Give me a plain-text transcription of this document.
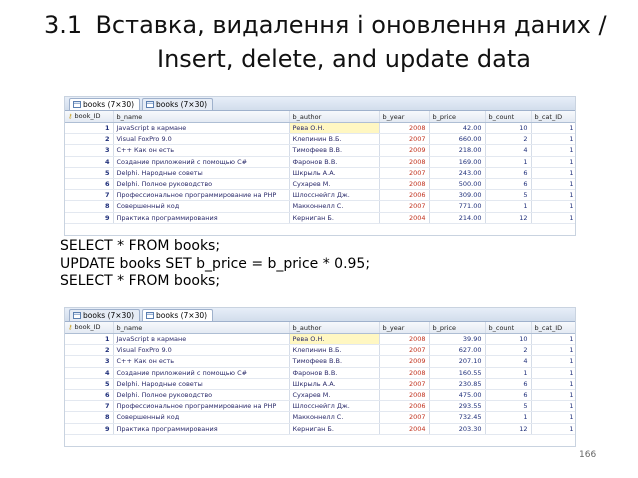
3.1 Вставка, видалення і оновлення даних /
Insert, delete, and update data
books (7×30)	books (7×30)
⚷ book_ID	b_name	b_author	b_year	b_price	b_count	b_cat_ID
1	JavaScript в кармане	Рева О.Н.	2008	42.00	10	1
2	Visual FoxPro 9.0	Клепинин В.Б.	2007	660.00	2	1
3	C++ Как он есть	Тимофеев В.В.	2009	218.00	4	1
4	Создание приложений с помощью C#	Фаронов В.В.	2008	169.00	1	1
5	Delphi. Народные советы	Шкрыль А.А.	2007	243.00	6	1
6	Delphi. Полное руководство	Сухарев М.	2008	500.00	6	1
7	Профессиональное программирование на PHP	Шлосснейгл Дж.	2006	309.00	5	1
8	Совершенный код	Макконнелл С.	2007	771.00	1	1
9	Практика программирования	Керниган Б.	2004	214.00	12	1
SELECT * FROM books;
UPDATE books SET b_price = b_price * 0.95;
SELECT * FROM books;
books (7×30)	books (7×30)
⚷ book_ID	b_name	b_author	b_year	b_price	b_count	b_cat_ID
1	JavaScript в кармане	Рева О.Н.	2008	39.90	10	1
2	Visual FoxPro 9.0	Клепинин В.Б.	2007	627.00	2	1
3	C++ Как он есть	Тимофеев В.В.	2009	207.10	4	1
4	Создание приложений с помощью C#	Фаронов В.В.	2008	160.55	1	1
5	Delphi. Народные советы	Шкрыль А.А.	2007	230.85	6	1
6	Delphi. Полное руководство	Сухарев М.	2008	475.00	6	1
7	Профессиональное программирование на PHP	Шлосснейгл Дж.	2006	293.55	5	1
8	Совершенный код	Макконнелл С.	2007	732.45	1	1
9	Практика программирования	Керниган Б.	2004	203.30	12	1
166
